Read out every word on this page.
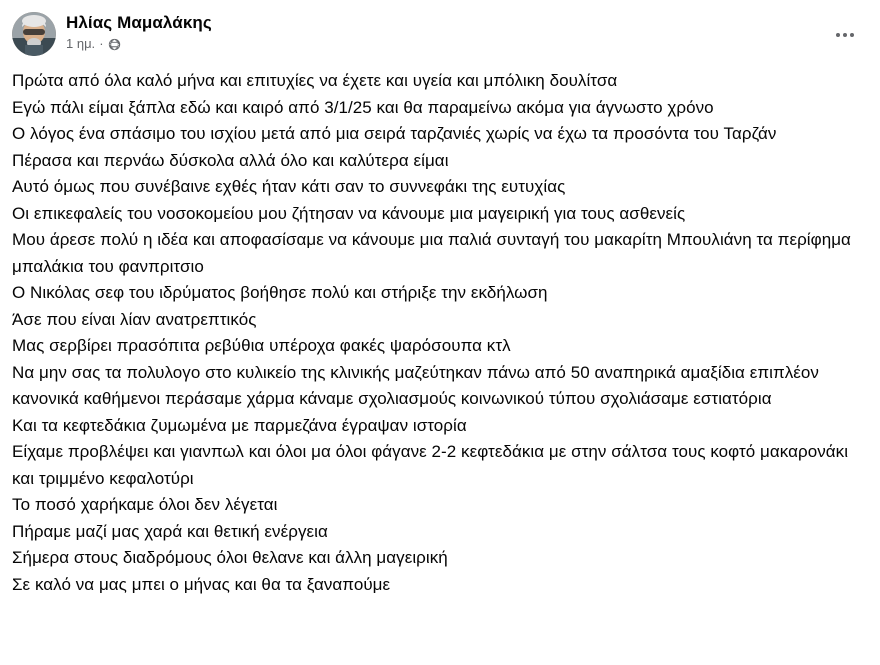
Ηλίας Μαμαλάκης
1 ημ. ·

Πρώτα από όλα καλό μήνα και επιτυχίες να έχετε και υγεία και μπόλικη δουλίτσα

Εγώ πάλι είμαι ξάπλα εδώ και καιρό από 3/1/25 και θα παραμείνω ακόμα για άγνωστο χρόνο

Ο λόγος ένα σπάσιμο του ισχίου μετά από μια σειρά ταρζανιές χωρίς να έχω τα προσόντα του Ταρζάν

Πέρασα και περνάω δύσκολα αλλά όλο και καλύτερα είμαι

Αυτό όμως που συνέβαινε εχθές ήταν κάτι σαν το συννεφάκι της ευτυχίας

Οι επικεφαλείς του νοσοκομείου μου ζήτησαν να κάνουμε μια μαγειρική για τους ασθενείς

Μου άρεσε πολύ η ιδέα και αποφασίσαμε να κάνουμε μια παλιά συνταγή του μακαρίτη Μπουλιάνη τα περίφημα μπαλάκια του φανπριτσιο

Ο Νικόλας σεφ του ιδρύματος βοήθησε πολύ και στήριξε την εκδήλωση

Άσε που είναι λίαν ανατρεπτικός

Μας σερβίρει πρασόπιτα ρεβύθια υπέροχα φακές ψαρόσουπα κτλ

Να μην σας τα πολυλογο στο κυλικείο της κλινικής μαζεύτηκαν πάνω από 50 αναπηρικά αμαξίδια επιπλέον κανονικά καθήμενοι περάσαμε χάρμα κάναμε σχολιασμούς κοινωνικού τύπου σχολιάσαμε εστιατόρια

Και τα κεφτεδάκια ζυμωμένα με παρμεζάνα έγραψαν ιστορία

Είχαμε προβλέψει και γιανπωλ και όλοι μα όλοι φάγανε 2-2 κεφτεδάκια με στην σάλτσα τους κοφτό μακαρονάκι και τριμμένο κεφαλοτύρι

Το ποσό χαρήκαμε όλοι δεν λέγεται

Πήραμε μαζί μας χαρά και θετική ενέργεια

Σήμερα στους διαδρόμους όλοι θελανε και άλλη μαγειρική

Σε καλό να μας μπει ο μήνας και θα τα ξαναπούμε
